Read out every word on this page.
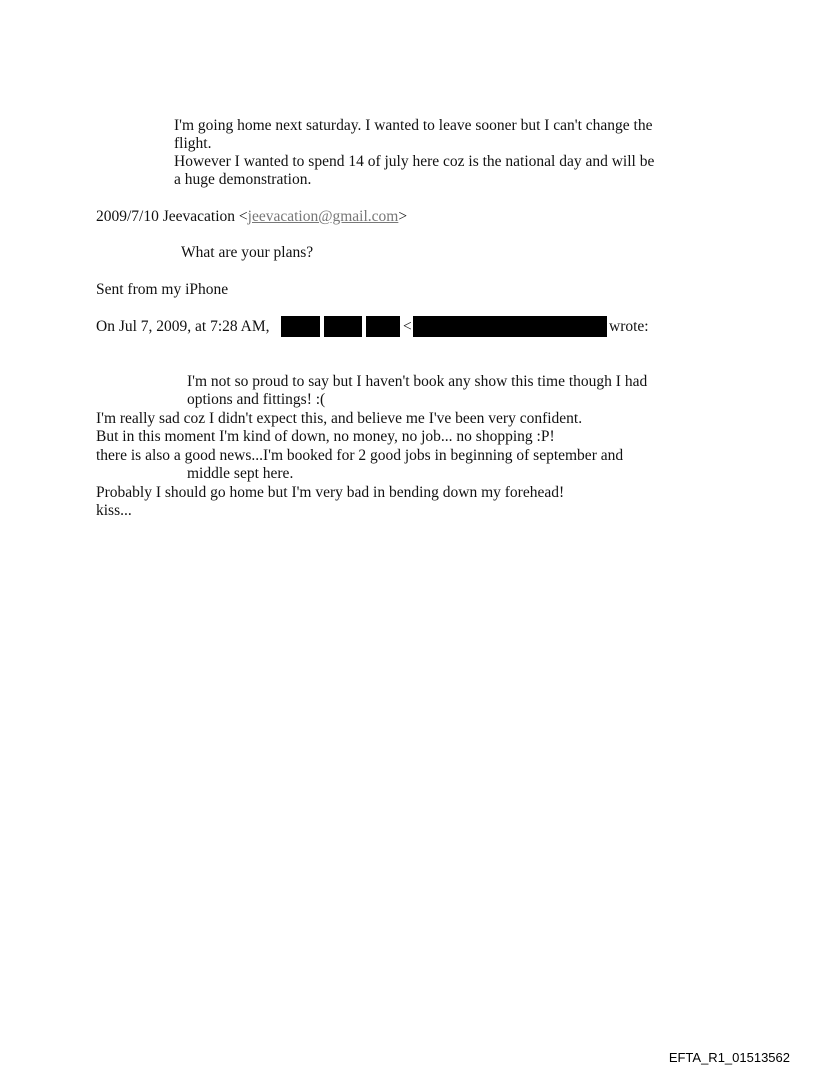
I'm going home next saturday. I wanted to leave sooner but I can't change the
flight.
However I wanted to spend 14 of july here coz is the national day and will be
a huge demonstration.
2009/7/10 Jeevacation <jeevacation@gmail.com>
What are your plans?
Sent from my iPhone
On Jul 7, 2009, at 7:28 AM,	<	wrote:
I'm not so proud to say but I haven't book any show this time though I had
options and fittings! :(
I'm really sad coz I didn't expect this, and believe me I've been very confident.
But in this moment I'm kind of down, no money, no job... no shopping :P!
there is also a good news...I'm booked for 2 good jobs in beginning of september and
middle sept here.
Probably I should go home but I'm very bad in bending down my forehead!
kiss...
EFTA_R1_01513562
